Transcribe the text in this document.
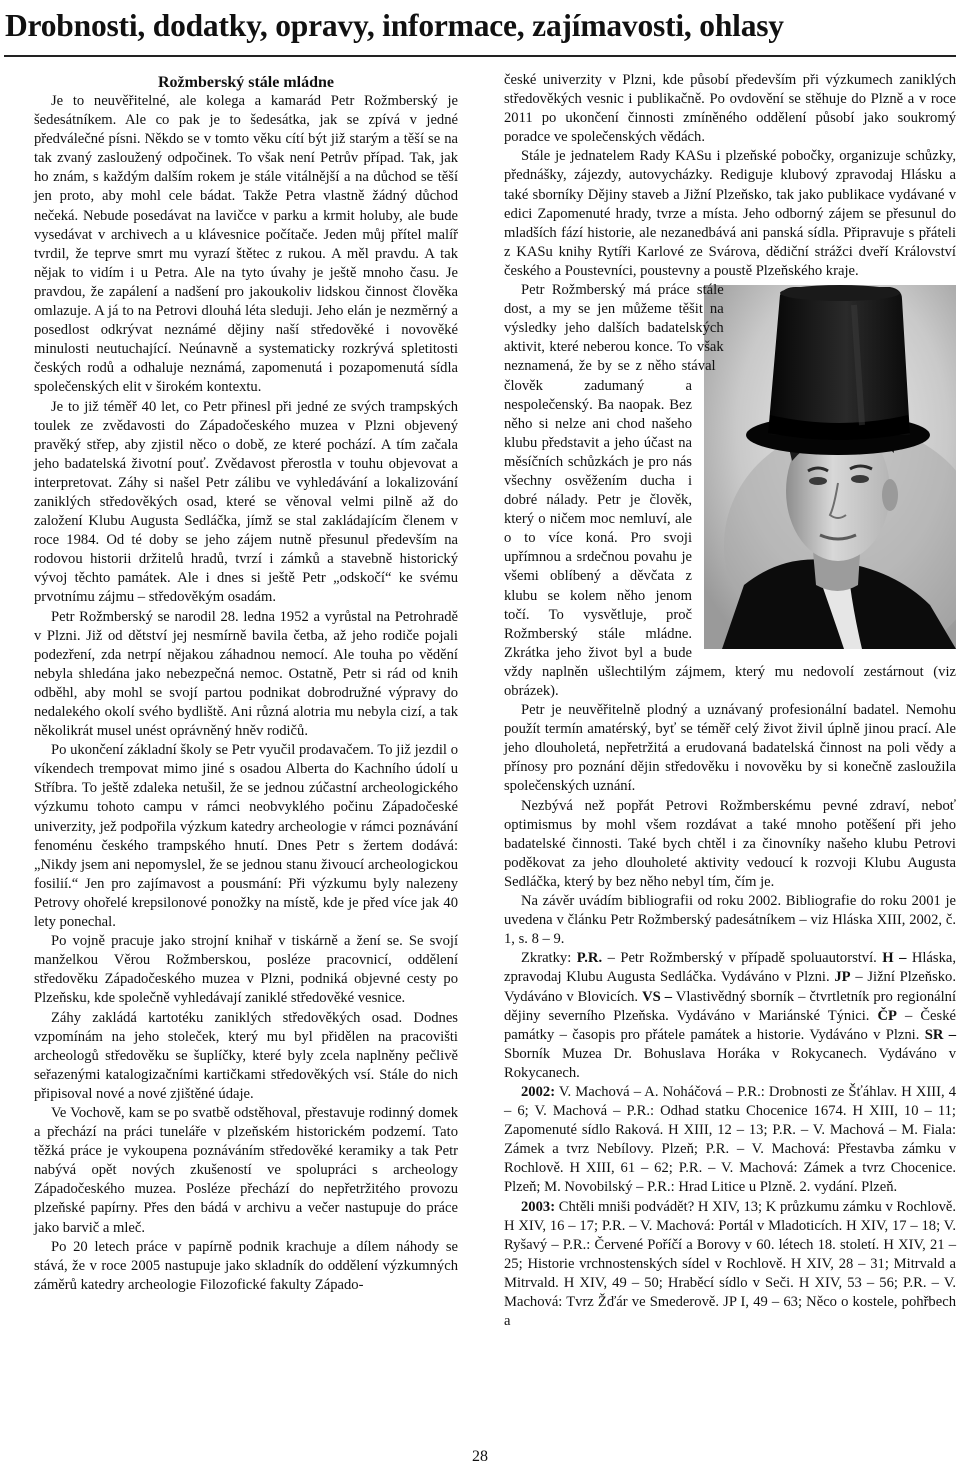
Drobnosti, dodatky, opravy, informace, zajímavosti, ohlasy
Rožmberský stále mládne

Je to neuvěřitelné, ale kolega a kamarád Petr Rožmberský je šedesátníkem. Ale co pak je to šedesátka, jak se zpívá v jedné předválečné písni. Někdo se v tomto věku cítí být již starým a těší se na tak zvaný zasloužený odpočinek. To však není Petrův případ. Tak, jak ho znám, s každým dalším rokem je stále vitálnější a na důchod se těší jen proto, aby mohl cele bádat. Takže Petra vlastně žádný důchod nečeká. Nebude posedávat na lavičce v parku a krmit holuby, ale bude vysedávat v archivech a u klávesnice počítače. Jeden můj přítel malíř tvrdil, že teprve smrt mu vyrazí štětec z rukou. A měl pravdu. A tak nějak to vidím i u Petra. Ale na tyto úvahy je ještě mnoho času. Je pravdou, že zapálení a nadšení pro jakoukoliv lidskou činnost člověka omlazuje. A já to na Petrovi dlouhá léta sleduji. Jeho elán je nezměrný a posedlost odkrývat neznámé dějiny naší středověké i novověké minulosti neutuchající. Neúnavně a systematicky rozkrývá spletitosti českých rodů a odhaluje neznámá, zapomenutá i pozapomenutá sídla společenských elit v širokém kontextu.

Je to již téměř 40 let, co Petr přinesl při jedné ze svých trampských toulek ze zvědavosti do Západočeského muzea v Plzni objevený pravěký střep, aby zjistil něco o době, ze které pochází. A tím začala jeho badatelská životní pouť. Zvědavost přerostla v touhu objevovat a interpretovat. Záhy si našel Petr zálibu ve vyhledávání a lokalizování zaniklých středověkých osad, které se věnoval velmi pilně až do založení Klubu Augusta Sedláčka, jímž se stal zakládajícím členem v roce 1984. Od té doby se jeho zájem nutně přesunul především na rodovou historii držitelů hradů, tvrzí i zámků a stavebně historický vývoj těchto památek. Ale i dnes si ještě Petr „odskočí“ ke svému prvotnímu zájmu – středověkým osadám.

Petr Rožmberský se narodil 28. ledna 1952 a vyrůstal na Petrohradě v Plzni. Již od dětství jej nesmírně bavila četba, až jeho rodiče pojali podezření, zda netrpí nějakou záhadnou nemocí. Ale touha po vědění nebyla shledána jako nebezpečná nemoc. Ostatně, Petr si rád od knih odběhl, aby mohl se svojí partou podnikat dobrodružné výpravy do nedalekého okolí svého bydliště. Ani různá alotria mu nebyla cizí, a tak několikrát musel unést oprávněný hněv rodičů.

Po ukončení základní školy se Petr vyučil prodavačem. To již jezdil o víkendech trempovat mimo jiné s osadou Alberta do Kachního údolí u Stříbra. To ještě zdaleka netušil, že se jednou zúčastní archeologického výzkumu tohoto campu v rámci neobvyklého počinu Západočeské univerzity, jež podpořila výzkum katedry archeologie v rámci poznávání fenoménu českého trampského hnutí. Dnes Petr s žertem dodává: „Nikdy jsem ani nepomyslel, že se jednou stanu živoucí archeologickou fosilií.“ Jen pro zajímavost a pousmání: Při výzkumu byly nalezeny Petrovy ohořelé krepsilonové ponožky na místě, kde je před více jak 40 lety ponechal.

Po vojně pracuje jako strojní knihař v tiskárně a žení se. Se svojí manželkou Věrou Rožmberskou, posléze pracovnicí, oddělení středověku Západočeského muzea v Plzni, podniká objevné cesty po Plzeňsku, kde společně vyhledávají zaniklé středověké vesnice.

Záhy zakládá kartotéku zaniklých středověkých osad. Dodnes vzpomínám na jeho stoleček, který mu byl přidělen na pracovišti archeologů středověku se šuplíčky, které byly zcela naplněny pečlivě seřazenými katalogizačními kartičkami středověkých vsí. Stále do nich připisoval nové a nové zjištěné údaje.

Ve Vochově, kam se po svatbě odstěhoval, přestavuje rodinný domek a přechází na práci tuneláře v plzeňském historickém podzemí. Tato těžká práce je vykoupena poznáváním středověké keramiky a tak Petr nabývá opět nových zkušeností ve spolupráci s archeology Západočeského muzea. Posléze přechází do nepřetržitého provozu plzeňské papírny. Přes den bádá v archivu a večer nastupuje do práce jako barvič a mleč.

Po 20 letech práce v papírně podnik krachuje a dílem náhody se stává, že v roce 2005 nastupuje jako skladník do oddělení výzkumných záměrů katedry archeologie Filozofické fakulty Západo-

české univerzity v Plzni, kde působí především při výzkumech zaniklých středověkých vesnic i publikačně. Po ovdovění se stěhuje do Plzně a v roce 2011 po ukončení činnosti zmíněného oddělení působí jako soukromý poradce ve společenských vědách.

Stále je jednatelem Rady KASu i plzeňské pobočky, organizuje schůzky, přednášky, zájezdy, autovycházky. Rediguje klubový zpravodaj Hlásku a také sborníky Dějiny staveb a Jižní Plzeňsko, tak jako publikace vydávané v edici Zapomenuté hrady, tvrze a místa. Jeho odborný zájem se přesunul do mladších fází historie, ale nezanedbává ani panská sídla. Připravuje s přáteli z KASu knihy Rytíři Karlové ze Svárova, dědiční strážci dveří Království českého a Poustevníci, poustevny a poustě Plzeňského kraje.

Petr Rožmberský má práce stále dost, a my se jen můžeme těšit na výsledky jeho dalších badatelských aktivit, které neberou konce. To však neznamená, že by se z něho stával člověk zadumaný a nespolečenský. Ba naopak. Bez něho si nelze ani chod našeho klubu představit a jeho účast na měsíčních schůzkách je pro nás všechny osvěžením ducha i dobré nálady. Petr je člověk, který o ničem moc nemluví, ale o to více koná. Pro svoji upřímnou a srdečnou povahu je všemi oblíbený a děvčata z klubu se kolem něho jenom točí. To vysvětluje, proč Rožmberský stále mládne. Zkrátka jeho život byl a bude vždy naplněn ušlechtilým zájmem, který mu nedovolí zestárnout (viz obrázek).

Petr je neuvěřitelně plodný a uznávaný profesionální badatel. Nemohu použít termín amatérský, byť se téměř celý život živil úplně jinou prací. Ale jeho dlouholetá, nepřetržitá a erudovaná badatelská činnost na poli vědy a přínosy pro poznání dějin středověku i novověku by si konečně zasloužila společenských uznání.

Nezbývá než popřát Petrovi Rožmberskému pevné zdraví, neboť optimismus by mohl všem rozdávat a také mnoho potěšení při jeho badatelské činnosti. Také bych chtěl i za činovníky našeho klubu Petrovi poděkovat za jeho dlouholeté aktivity vedoucí k rozvoji Klubu Augusta Sedláčka, který by bez něho nebyl tím, čím je.

Na závěr uvádím bibliografii od roku 2002. Bibliografie do roku 2001 je uvedena v článku Petr Rožmberský padesátníkem – viz Hláska XIII, 2002, č. 1, s. 8 – 9.

Zkratky: P.R. – Petr Rožmberský v případě spoluautorství. H – Hláska, zpravodaj Klubu Augusta Sedláčka. Vydáváno v Plzni. JP – Jižní Plzeňsko. Vydáváno v Blovicích. VS – Vlastivědný sborník – čtvrtletník pro regionální dějiny severního Plzeňska. Vydáváno v Mariánské Týnici. ČP – České památky – časopis pro přátele památek a historie. Vydáváno v Plzni. SR – Sborník Muzea Dr. Bohuslava Horáka v Rokycanech. Vydáváno v Rokycanech.

2002: V. Machová – A. Noháčová – P.R.: Drobnosti ze Šťáhlav. H XIII, 4 – 6; V. Machová – P.R.: Odhad statku Chocenice 1674. H XIII, 10 – 11; Zapomenuté sídlo Raková. H XIII, 12 – 13; P.R. – V. Machová – M. Fiala: Zámek a tvrz Nebílovy. Plzeň; P.R. – V. Machová: Přestavba zámku v Rochlově. H XIII, 61 – 62; P.R. – V. Machová: Zámek a tvrz Chocenice. Plzeň; M. Novobilský – P.R.: Hrad Litice u Plzně. 2. vydání. Plzeň.

2003: Chtěli mniši podvádět? H XIV, 13; K průzkumu zámku v Rochlově. H XIV, 16 – 17; P.R. – V. Machová: Portál v Mladoticích. H XIV, 17 – 18; V. Ryšavý – P.R.: Červené Poříčí a Borovy v 60. létech 18. století. H XIV, 21 – 25; Historie vrchnostenských sídel v Rochlově. H XIV, 28 – 31; Mitrvald a Mitrvald. H XIV, 49 – 50; Hraběcí sídlo v Seči. H XIV, 53 – 56; P.R. – V. Machová: Tvrz Žďár ve Smederově. JP I, 49 – 63; Něco o kostele, pohřbech a

28
